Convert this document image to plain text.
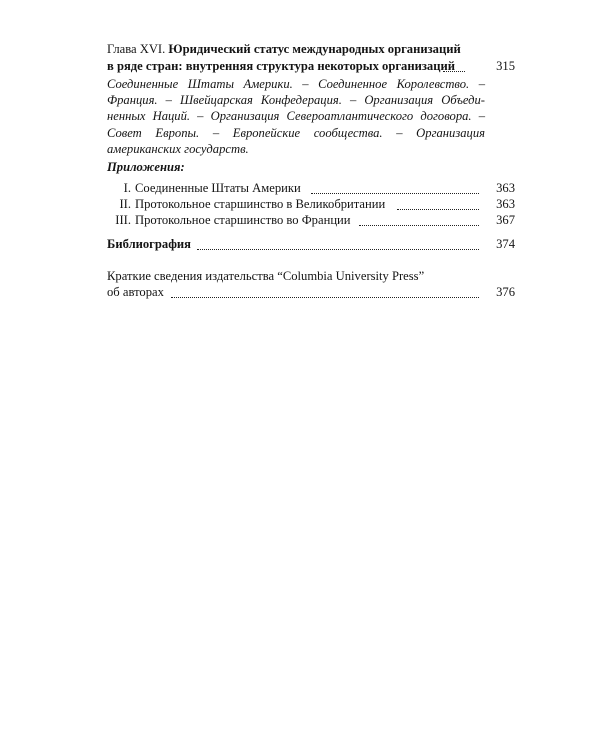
Глава XVI. Юридический статус международных организаций
в ряде стран: внутренняя структура некоторых организаций	315
Соединенные Штаты Америки. – Соединенное Королевство. –
Франция. – Швейцарская Конфедерация. – Организация Объеди-
ненных Наций. – Организация Североатлантического договора. –
Совет Европы. – Европейские сообщества. – Организация
американских государств.
Приложения:
I. Соединенные Штаты Америки	363
II. Протокольное старшинство в Великобритании	363
III. Протокольное старшинство во Франции	367
Библиография	374
Краткие сведения издательства “Columbia University Press”
об авторах	376
